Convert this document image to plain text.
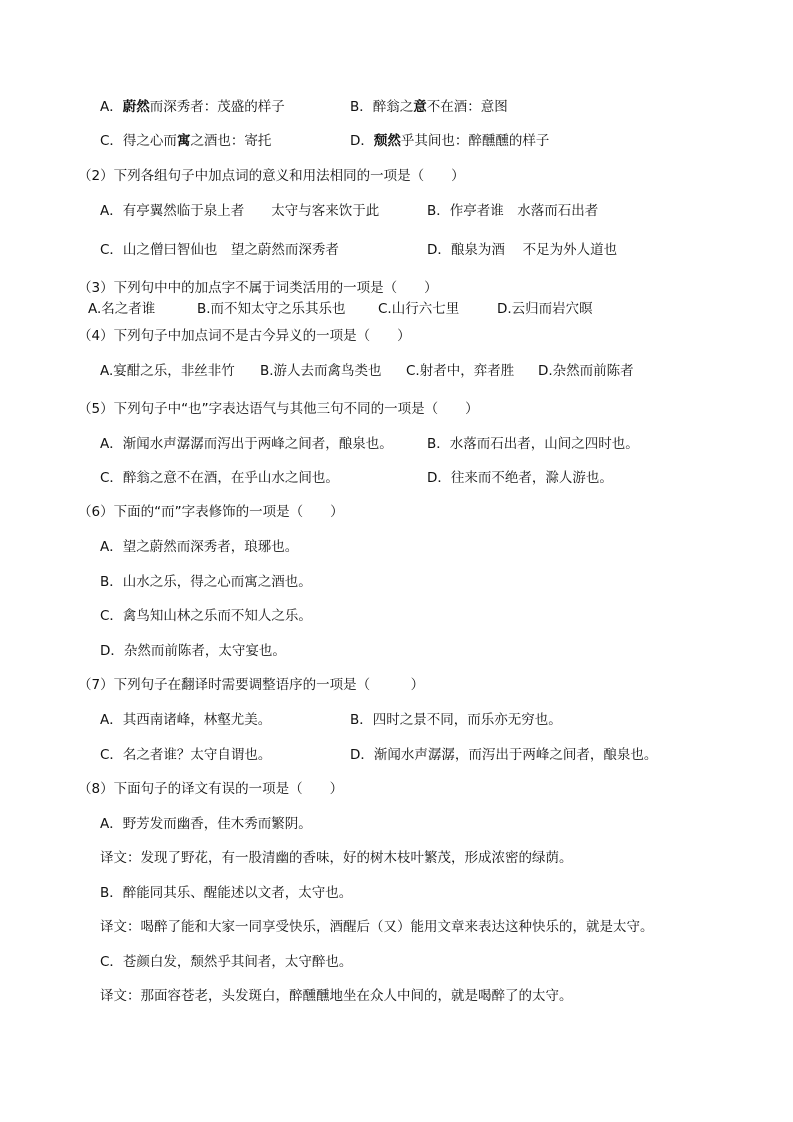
A．蔚然而深秀者：茂盛的样子	B．醉翁之意不在酒：意图
C．得之心而寓之酒也：寄托	D．颓然乎其间也：醉醺醺的样子
（2）下列各组句子中加点词的意义和用法相同的一项是（　　）
A．有亭翼然临于泉上者　　太守与客来饮于此	B．作亭者谁　水落而石出者
C．山之僧曰智仙也　望之蔚然而深秀者	D．酿泉为酒　 不足为外人道也
（3）下列句中中的加点字不属于词类活用的一项是（　　）
A.名之者谁	B.而不知太守之乐其乐也 C.山行六七里	D.云归而岩穴暝
（4）下列句子中加点词不是古今异义的一项是（　　）
A.宴酣之乐，非丝非竹 B.游人去而禽鸟类也 C.射者中，弈者胜 D.杂然而前陈者
（5）下列句子中“也”字表达语气与其他三句不同的一项是（　　）
A．渐闻水声潺潺而泻出于两峰之间者，酿泉也。	B．水落而石出者，山间之四时也。
C．醉翁之意不在酒，在乎山水之间也。	D．往来而不绝者，滁人游也。
（6）下面的“而”字表修饰的一项是（　　）
A．望之蔚然而深秀者，琅琊也。
B．山水之乐，得之心而寓之酒也。
C．禽鸟知山林之乐而不知人之乐。
D．杂然而前陈者，太守宴也。
（7）下列句子在翻译时需要调整语序的一项是（　　　）
A．其西南诸峰，林壑尤美。	B．四时之景不同，而乐亦无穷也。
C．名之者谁？太守自谓也。	D．渐闻水声潺潺，而泻出于两峰之间者，酿泉也。
（8）下面句子的译文有误的一项是（　　）
A．野芳发而幽香，佳木秀而繁阴。
译文：发现了野花，有一股清幽的香味，好的树木枝叶繁茂，形成浓密的绿荫。
B．醉能同其乐、醒能述以文者，太守也。
译文：喝醉了能和大家一同享受快乐，酒醒后（又）能用文章来表达这种快乐的，就是太守。
C．苍颜白发，颓然乎其间者，太守醉也。
译文：那面容苍老，头发斑白，醉醺醺地坐在众人中间的，就是喝醉了的太守。
